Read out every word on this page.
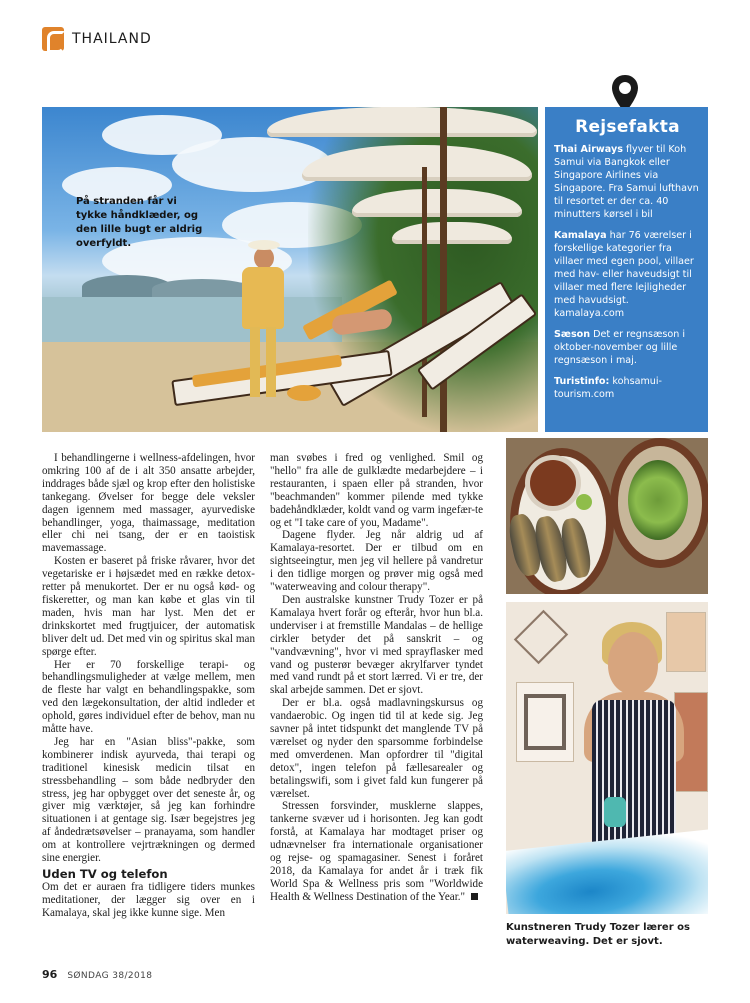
THAILAND

På stranden får vi tykke håndklæder, og den lille bugt er aldrig overfyldt.

Rejsefakta

Thai Airways flyver til Koh Samui via Bangkok eller Singapore Airlines via Singapore. Fra Samui lufthavn til resortet er der ca. 40 minutters kørsel i bil

Kamalaya har 76 værelser i forskellige kategorier fra villaer med egen pool, villaer med hav- eller haveudsigt til villaer med flere lejligheder med havudsigt. kamalaya.com

Sæson Det er regnsæson i oktober-november og lille regnsæson i maj.

Turistinfo: kohsamui-tourism.com

I behandlingerne i wellness-afdelingen, hvor omkring 100 af de i alt 350 ansatte arbejder, inddrages både sjæl og krop efter den holistiske tankegang. Øvelser for begge dele veksler dagen igennem med massager, ayurvediske behandlinger, yoga, thaimassage, meditation eller chi nei tsang, der er en taoistisk mavemassage.

Kosten er baseret på friske råvarer, hvor det vegetariske er i højsædet med en række detox-retter på menukortet. Der er nu også kød- og fiskeretter, og man kan købe et glas vin til maden, hvis man har lyst. Men det er drinkskortet med frugtjuicer, der automatisk bliver delt ud. Det med vin og spiritus skal man spørge efter.

Her er 70 forskellige terapi- og behandlingsmuligheder at vælge mellem, men de fleste har valgt en behandlingspakke, som ved den lægekonsultation, der altid indleder et ophold, gøres individuel efter de behov, man nu måtte have.

Jeg har en "Asian bliss"-pakke, som kombinerer indisk ayurveda, thai terapi og traditionel kinesisk medicin tilsat en stressbehandling – som både nedbryder den stress, jeg har opbygget over det seneste år, og giver mig værktøjer, så jeg kan forhindre situationen i at gentage sig. Især begejstres jeg af åndedrætsøvelser – pranayama, som handler om at kontrollere vejrtrækningen og dermed sine energier.

Uden TV og telefon

Om det er auraen fra tidligere tiders munkes meditationer, der lægger sig over en i Kamalaya, skal jeg ikke kunne sige. Men

man svøbes i fred og venlighed. Smil og "hello" fra alle de gulklædte medarbejdere – i restauranten, i spaen eller på stranden, hvor "beachmanden" kommer pilende med tykke badehåndklæder, koldt vand og varm ingefær-te og et "I take care of you, Madame".

Dagene flyder. Jeg når aldrig ud af Kamalaya-resortet. Der er tilbud om en sightseeingtur, men jeg vil hellere på vandretur i den tidlige morgen og prøver mig også med "waterweaving and colour therapy".

Den australske kunstner Trudy Tozer er på Kamalaya hvert forår og efterår, hvor hun bl.a. underviser i at fremstille Mandalas – de hellige cirkler betyder det på sanskrit – og "vandvævning", hvor vi med sprayflasker med vand og pusterør bevæger akrylfarver tyndet med vand rundt på et stort lærred. Vi er tre, der skal arbejde sammen. Det er sjovt.

Der er bl.a. også madlavningskursus og vandaerobic. Og ingen tid til at kede sig. Jeg savner på intet tidspunkt det manglende TV på værelset og nyder den sparsomme forbindelse med omverdenen. Man opfordrer til "digital detox", ingen telefon på fællesarealer og betalingswifi, som i givet fald kun fungerer på værelset.

Stressen forsvinder, musklerne slappes, tankerne svæver ud i horisonten. Jeg kan godt forstå, at Kamalaya har modtaget priser og udnævnelser fra internationale organisationer og rejse- og spamagasiner. Senest i foråret 2018, da Kamalaya for andet år i træk fik World Spa & Wellness pris som "Worldwide Health & Wellness Destination of the Year."

Kunstneren Trudy Tozer lærer os waterweaving. Det er sjovt.

96 SØNDAG 38/2018
